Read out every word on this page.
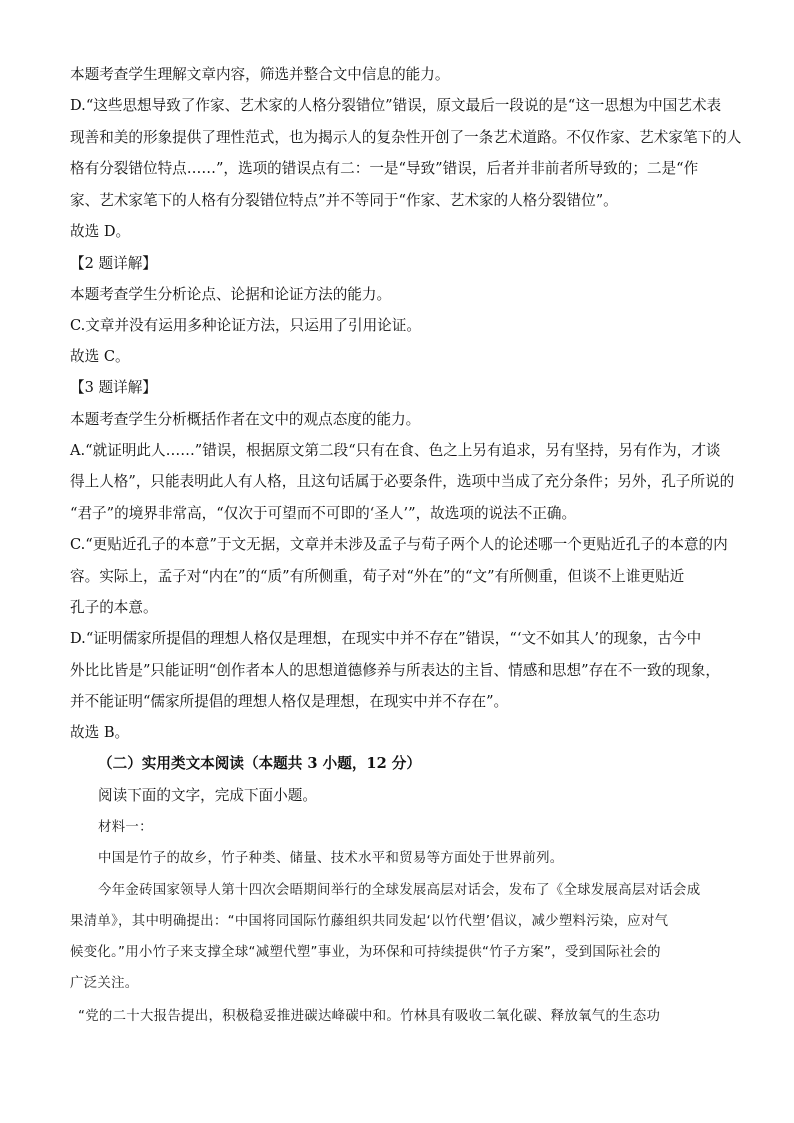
本题考查学生理解文章内容，筛选并整合文中信息的能力。
D.“这些思想导致了作家、艺术家的人格分裂错位”错误，原文最后一段说的是“这一思想为中国艺术表
现善和美的形象提供了理性范式，也为揭示人的复杂性开创了一条艺术道路。不仅作家、艺术家笔下的人
格有分裂错位特点……”，选项的错误点有二：一是“导致”错误，后者并非前者所导致的；二是“作
家、艺术家笔下的人格有分裂错位特点”并不等同于“作家、艺术家的人格分裂错位”。
故选 D。
【2 题详解】
本题考查学生分析论点、论据和论证方法的能力。
C.文章并没有运用多种论证方法，只运用了引用论证。
故选 C。
【3 题详解】
本题考查学生分析概括作者在文中的观点态度的能力。
A.“就证明此人……”错误，根据原文第二段“只有在食、色之上另有追求，另有坚持，另有作为，才谈
得上人格”，只能表明此人有人格，且这句话属于必要条件，选项中当成了充分条件；另外，孔子所说的
“君子”的境界非常高，“仅次于可望而不可即的‘圣人’”，故选项的说法不正确。
C.“更贴近孔子的本意”于文无据，文章并未涉及孟子与荀子两个人的论述哪一个更贴近孔子的本意的内
容。实际上，孟子对“内在”的“质”有所侧重，荀子对“外在”的“文”有所侧重，但谈不上谁更贴近
孔子的本意。
D.“证明儒家所提倡的理想人格仅是理想，在现实中并不存在”错误，“‘文不如其人’的现象，古今中
外比比皆是”只能证明“创作者本人的思想道德修养与所表达的主旨、情感和思想”存在不一致的现象，
并不能证明“儒家所提倡的理想人格仅是理想，在现实中并不存在”。
故选 B。
（二）实用类文本阅读（本题共 3 小题，12 分）
阅读下面的文字，完成下面小题。
材料一：
中国是竹子的故乡，竹子种类、储量、技术水平和贸易等方面处于世界前列。
今年金砖国家领导人第十四次会晤期间举行的全球发展高层对话会，发布了《全球发展高层对话会成
果清单》，其中明确提出：“中国将同国际竹藤组织共同发起‘以竹代塑’倡议，减少塑料污染，应对气
候变化。”用小竹子来支撑全球“减塑代塑”事业，为环保和可持续提供“竹子方案”，受到国际社会的
广泛关注。
“党的二十大报告提出，积极稳妥推进碳达峰碳中和。竹林具有吸收二氧化碳、释放氧气的生态功
